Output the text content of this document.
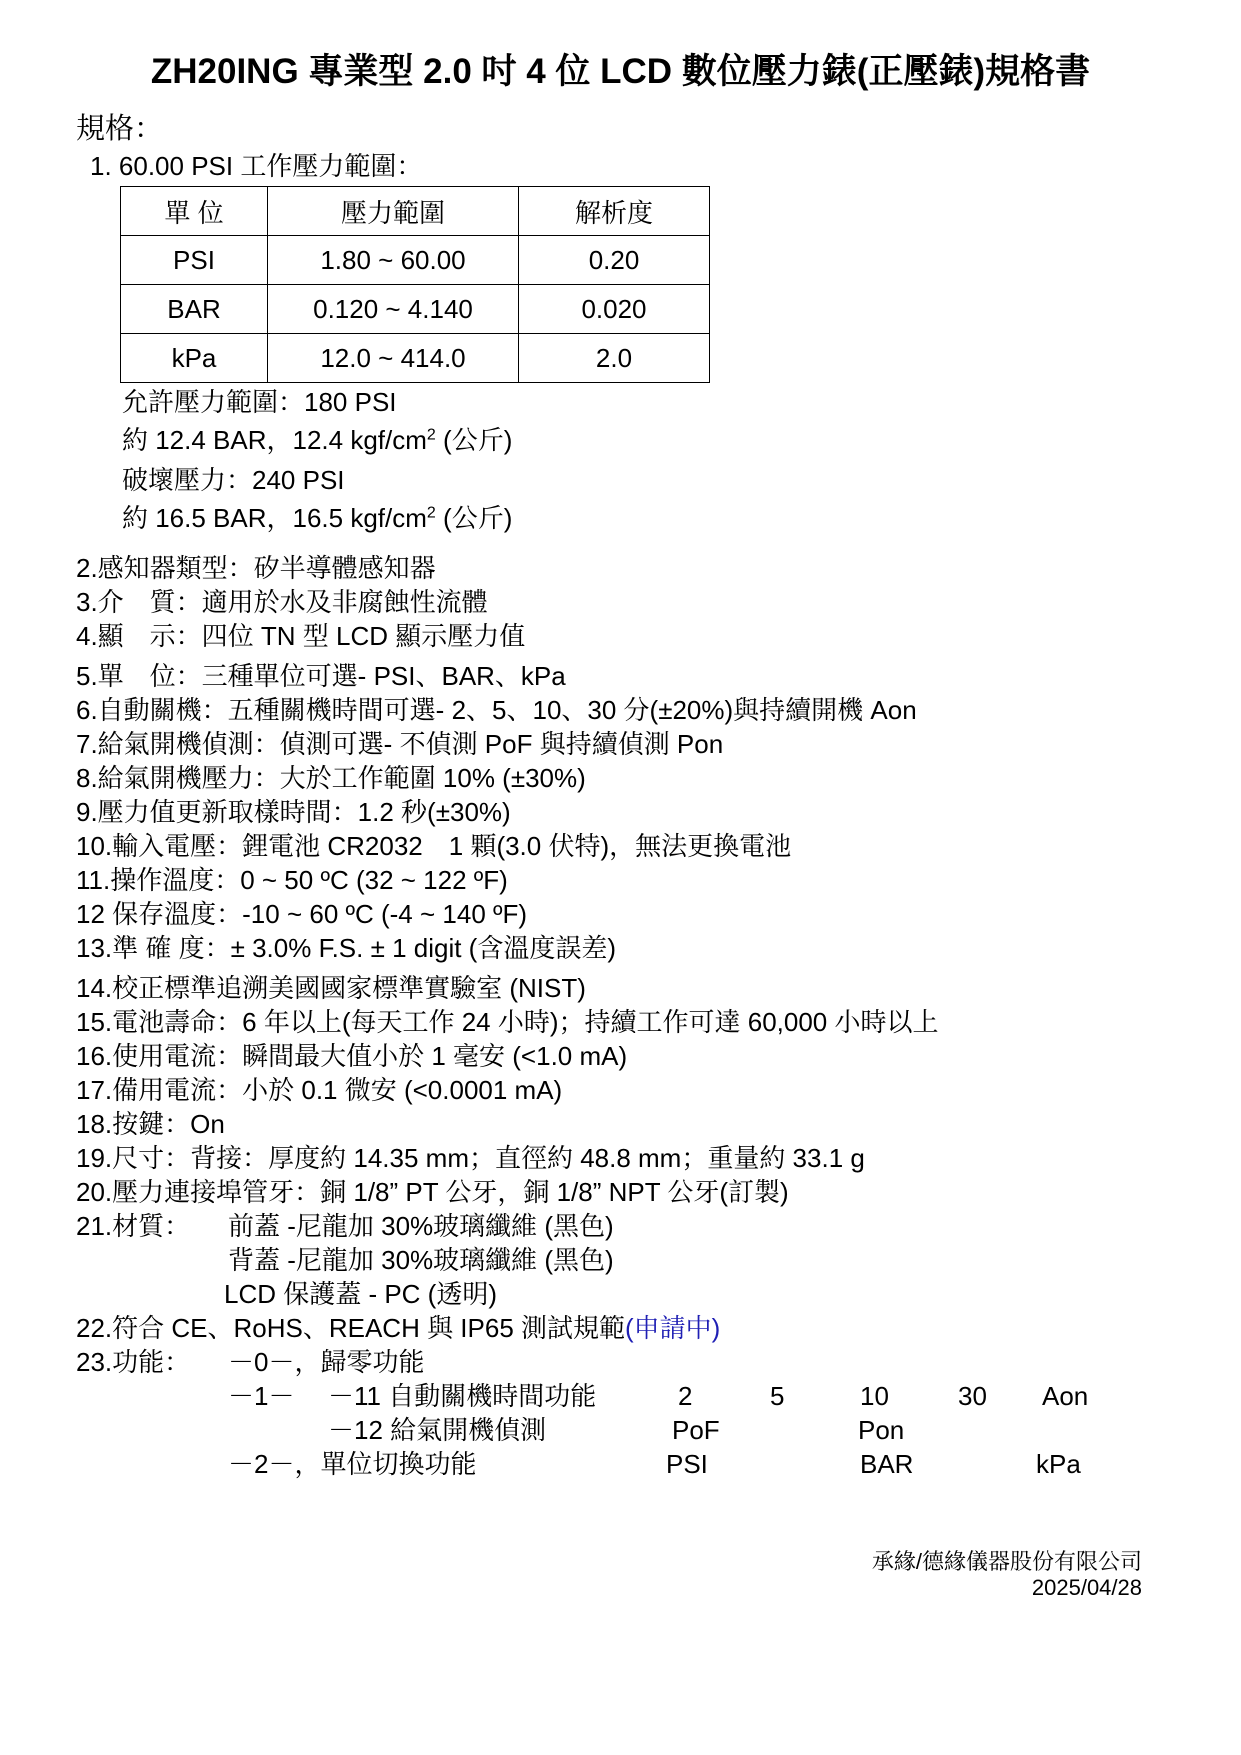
ZH20ING 專業型 2.0 吋 4 位 LCD 數位壓力錶(正壓錶)規格書
規格：
1. 60.00 PSI 工作壓力範圍：
單 位	壓力範圍	解析度
PSI	1.80 ~ 60.00	0.20
BAR	0.120 ~ 4.140	0.020
kPa	12.0 ~ 414.0	2.0
允許壓力範圍：180 PSI
約 12.4 BAR，12.4 kgf/$cm^2$ (公斤)
破壞壓力：240 PSI
約 16.5 BAR，16.5 kgf/$cm^2$ (公斤)
2.感知器類型：矽半導體感知器
3.介　質：適用於水及非腐蝕性流體
4.顯　示：四位 TN 型 LCD 顯示壓力值
5.單　位：三種單位可選- PSI、BAR、kPa
6.自動關機：五種關機時間可選- 2、5、10、30 分(±20%)與持續開機 Aon
7.給氣開機偵測：偵測可選- 不偵測 PoF 與持續偵測 Pon
8.給氣開機壓力：大於工作範圍 10% (±30%)
9.壓力值更新取樣時間：1.2 秒(±30%)
10.輸入電壓：鋰電池 CR2032　1 顆(3.0 伏特)，無法更換電池
11.操作溫度：0 ~ 50 ºC (32 ~ 122 ºF)
12 保存溫度：-10 ~ 60 ºC (-4 ~ 140 ºF)
13.準 確 度：± 3.0% F.S. ± 1 digit (含溫度誤差)
14.校正標準追溯美國國家標準實驗室 (NIST)
15.電池壽命：6 年以上(每天工作 24 小時)；持續工作可達 60,000 小時以上
16.使用電流：瞬間最大值小於 1 毫安 (<1.0 mA)
17.備用電流：小於 0.1 微安 (<0.0001 mA)
18.按鍵：On
19.尺寸：背接：厚度約 14.35 mm；直徑約 48.8 mm；重量約 33.1 g
20.壓力連接埠管牙：銅 1/8” PT 公牙，銅 1/8” NPT 公牙(訂製)
21.材質： 前蓋 -尼龍加 30%玻璃纖維 (黑色)
背蓋 -尼龍加 30%玻璃纖維 (黑色)
LCD 保護蓋 - PC (透明)
22.符合 CE、RoHS、REACH 與 IP65 測試規範(申請中)
23.功能： －0－，歸零功能
－1－ －11 自動關機時間功能	2	5	10	30 Aon
－12 給氣開機偵測	PoF	Pon
－2－，單位切換功能	PSI	BAR	kPa
承緣/德緣儀器股份有限公司
2025/04/28
